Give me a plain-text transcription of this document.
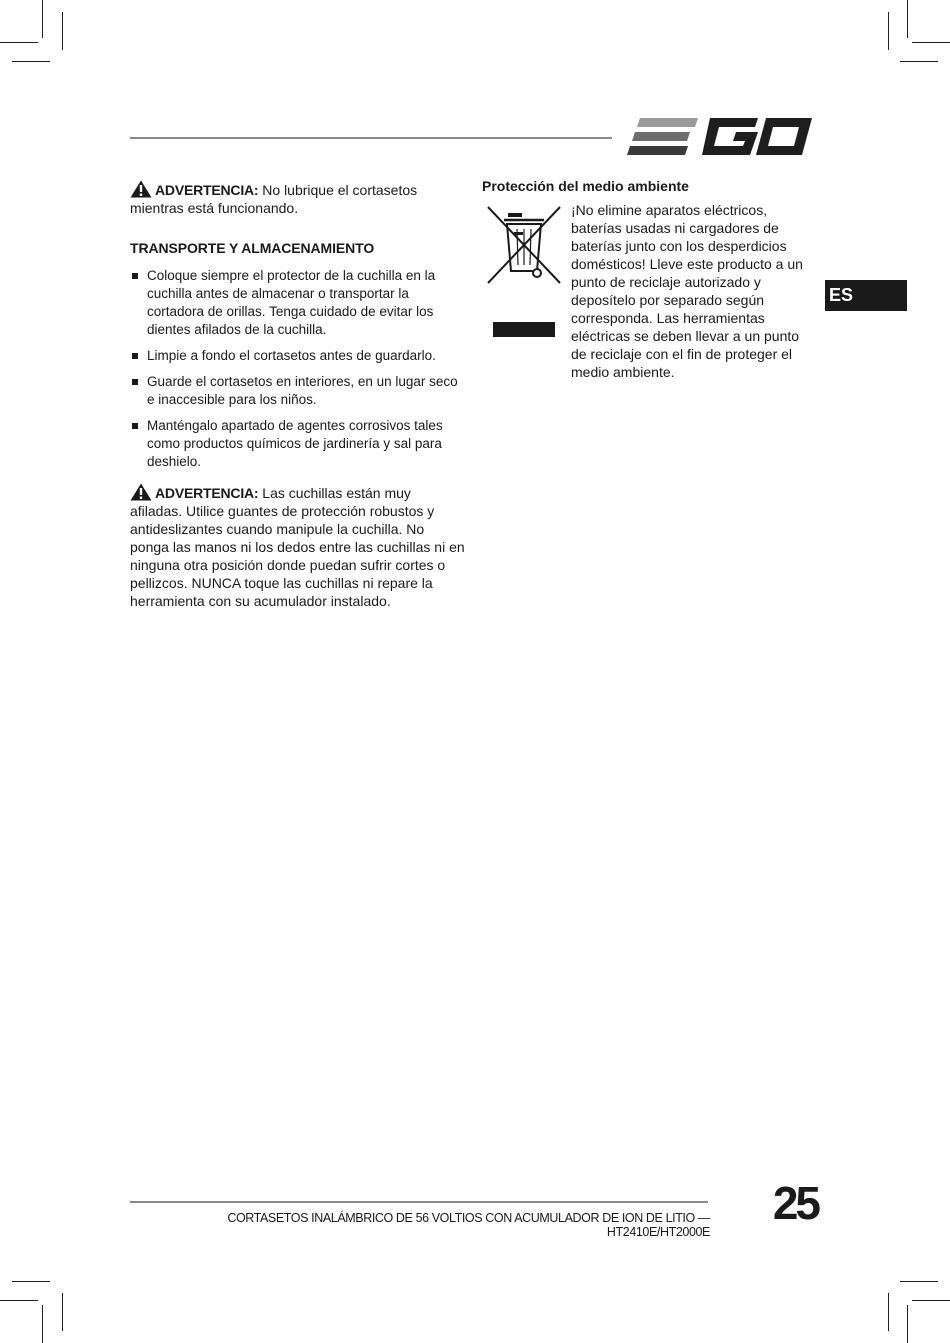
ADVERTENCIA: No lubrique el cortasetos mientras está funcionando.

TRANSPORTE Y ALMACENAMIENTO
Coloque siempre el protector de la cuchilla en la cuchilla antes de almacenar o transportar la cortadora de orillas. Tenga cuidado de evitar los dientes afilados de la cuchilla.
Limpie a fondo el cortasetos antes de guardarlo.
Guarde el cortasetos en interiores, en un lugar seco e inaccesible para los niños.
Manténgalo apartado de agentes corrosivos tales como productos químicos de jardinería y sal para deshielo.

ADVERTENCIA: Las cuchillas están muy afiladas. Utilice guantes de protección robustos y antideslizantes cuando manipule la cuchilla. No ponga las manos ni los dedos entre las cuchillas ni en ninguna otra posición donde puedan sufrir cortes o pellizcos. NUNCA toque las cuchillas ni repare la herramienta con su acumulador instalado.

Protección del medio ambiente
¡No elimine aparatos eléctricos, baterías usadas ni cargadores de baterías junto con los desperdicios domésticos! Lleve este producto a un punto de reciclaje autorizado y deposítelo por separado según corresponda. Las herramientas eléctricas se deben llevar a un punto de reciclaje con el fin de proteger el medio ambiente.
ES
CORTASETOS INALÁMBRICO DE 56 VOLTIOS CON ACUMULADOR DE ION DE LITIO —HT2410E/HT2000E
25
